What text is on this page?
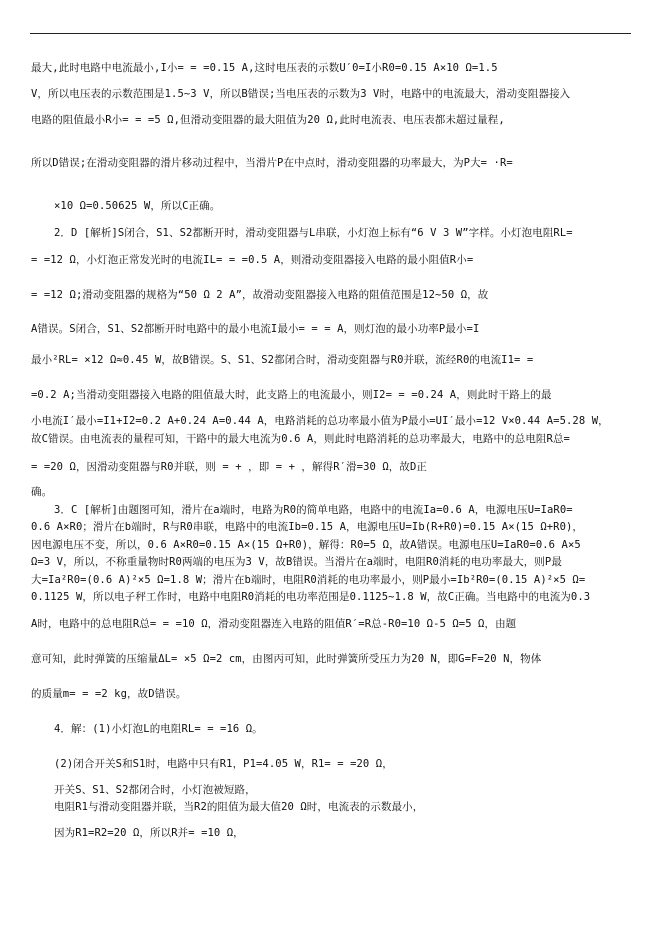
最大,此时电路中电流最小,I小= = =0.15 A,这时电压表的示数U′0=I小R0=0.15 A×10 Ω=1.5
V，所以电压表的示数范围是1.5~3 V，所以B错误;当电压表的示数为3 V时，电路中的电流最大，滑动变阻器接入
电路的阻值最小R小= = =5 Ω,但滑动变阻器的最大阻值为20 Ω,此时电流表、电压表都未超过量程,
所以D错误;在滑动变阻器的滑片移动过程中，当滑片P在中点时，滑动变阻器的功率最大，为P大= ·R=
×10 Ω=0.50625 W，所以C正确。
2．D [解析]S闭合，S1、S2都断开时，滑动变阻器与L串联，小灯泡上标有“6 V 3 W”字样。小灯泡电阻RL=
= =12 Ω，小灯泡正常发光时的电流IL= = =0.5 A，则滑动变阻器接入电路的最小阻值R小=
= =12 Ω;滑动变阻器的规格为“50 Ω 2 A”，故滑动变阻器接入电路的阻值范围是12~50 Ω，故
A错误。S闭合，S1、S2都断开时电路中的最小电流I最小= = = A，则灯泡的最小功率P最小=I
最小²RL= ×12 Ω≈0.45 W，故B错误。S、S1、S2都闭合时，滑动变阻器与R0并联，流经R0的电流I1= =
=0.2 A;当滑动变阻器接入电路的阻值最大时，此支路上的电流最小，则I2= = =0.24 A，则此时干路上的最
小电流I′最小=I1+I2=0.2 A+0.24 A=0.44 A，电路消耗的总功率最小值为P最小=UI′最小=12 V×0.44 A=5.28 W，
故C错误。由电流表的量程可知，干路中的最大电流为0.6 A，则此时电路消耗的总功率最大，电路中的总电阻R总=
= =20 Ω，因滑动变阻器与R0并联，则 = + ，即 = + ，解得R′滑=30 Ω，故D正
确。
3．C [解析]由题图可知，滑片在a端时，电路为R0的简单电路，电路中的电流Ia=0.6 A，电源电压U=IaR0=
0.6 A×R0；滑片在b端时，R与R0串联，电路中的电流Ib=0.15 A，电源电压U=Ib(R+R0)=0.15 A×(15 Ω+R0)，
因电源电压不变，所以，0.6 A×R0=0.15 A×(15 Ω+R0)，解得：R0=5 Ω，故A错误。电源电压U=IaR0=0.6 A×5
Ω=3 V，所以，不称重量物时R0两端的电压为3 V，故B错误。当滑片在a端时，电阻R0消耗的电功率最大，则P最
大=Ia²R0=(0.6 A)²×5 Ω=1.8 W；滑片在b端时，电阻R0消耗的电功率最小，则P最小=Ib²R0=(0.15 A)²×5 Ω=
0.1125 W，所以电子秤工作时，电路中电阻R0消耗的电功率范围是0.1125~1.8 W，故C正确。当电路中的电流为0.3
A时，电路中的总电阻R总= = =10 Ω，滑动变阻器连入电路的阻值R′=R总-R0=10 Ω-5 Ω=5 Ω，由题
意可知，此时弹簧的压缩量ΔL= ×5 Ω=2 cm，由图丙可知，此时弹簧所受压力为20 N，即G=F=20 N，物体
的质量m= = =2 kg，故D错误。
4．解：(1)小灯泡L的电阻RL= = =16 Ω。
(2)闭合开关S和S1时，电路中只有R1，P1=4.05 W，R1= = =20 Ω，
开关S、S1、S2都闭合时，小灯泡被短路，
电阻R1与滑动变阻器并联，当R2的阻值为最大值20 Ω时，电流表的示数最小，
因为R1=R2=20 Ω，所以R并= =10 Ω，
